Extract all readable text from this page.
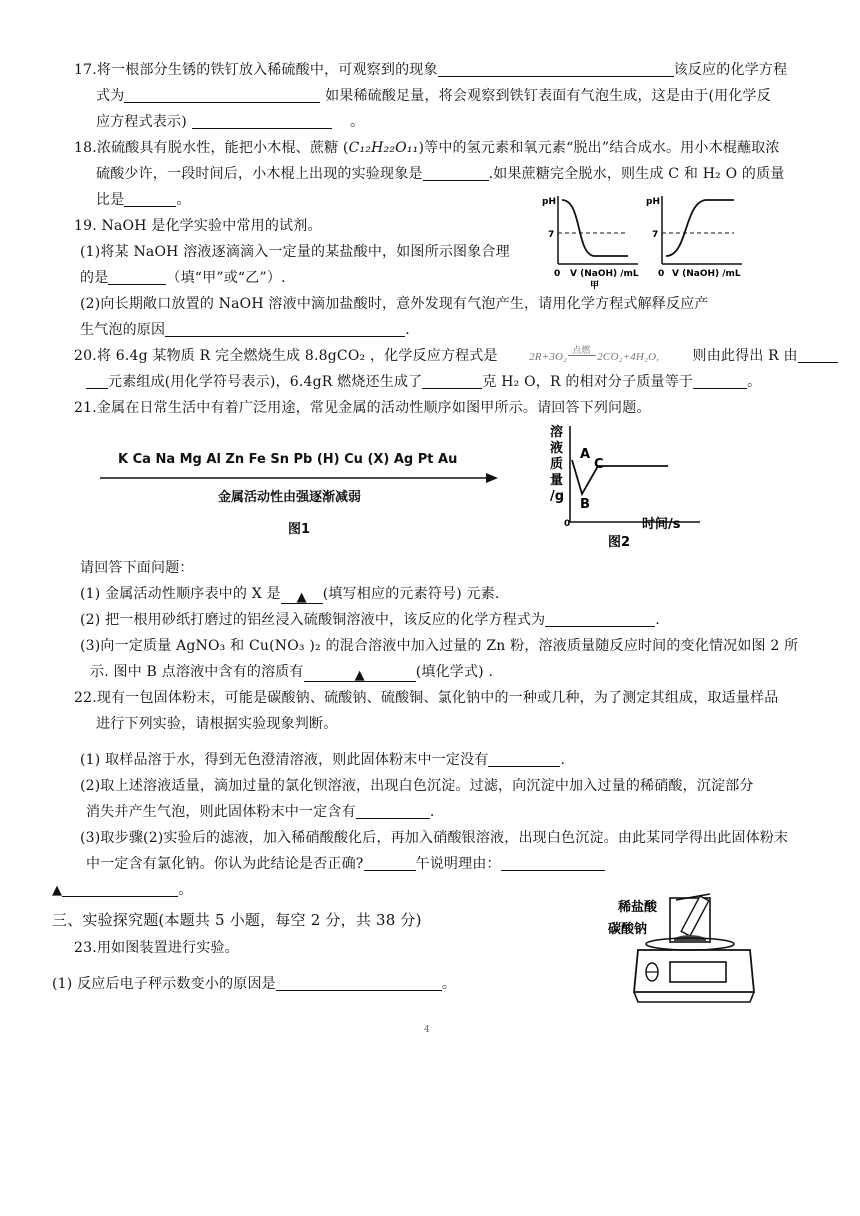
17.将一根部分生锈的铁钉放入稀硫酸中，可观察到的现象	该反应的化学方程
式为	如果稀硫酸足量，将会观察到铁钉表面有气泡生成，这是由于(用化学反
应方程式表示)	。
18.浓硫酸具有脱水性，能把小木棍、蔗糖 (C₁₂H₂₂O₁₁)等中的氢元素和氧元素“脱出”结合成水。用小木棍蘸取浓
硫酸少许，一段时间后，小木棍上出现的实验现象是	.如果蔗糖完全脱水，则生成 C 和 H₂ O 的质量
比是	。
19. NaOH 是化学实验中常用的试剂。
(1)将某 NaOH 溶液逐滴滴入一定量的某盐酸中，如图所示图象合理
的是	（填“甲”或“乙”）.
(2)向长期敞口放置的 NaOH 溶液中滴加盐酸时，意外发现有气泡产生，请用化学方程式解释反应产
生气泡的原因	.
pH
7
0 V (NaOH) /mL
甲
pH
7
0 V (NaOH) /mL
20.将 6.4g 某物质 R 完全燃烧生成 8.8gCO₂ ，化学反应方程式是	2R+3O₂
点燃
2CO₂+4H₂O, 则由此得出 R 由
元素组成(用化学符号表示)，6.4gR 燃烧还生成了	克 H₂ O，R 的相对分子质量等于	。
21.金属在日常生活中有着广泛用途，常见金属的活动性顺序如图甲所示。请回答下列问题。
K Ca Na Mg Al Zn Fe Sn Pb (H) Cu (X) Ag Pt Au
金属活动性由强逐渐减弱
图1
溶
液
质
量
/g
0	时间/s
A
B
C
图2
请回答下面问题：
(1) 金属活动性顺序表中的 X 是 ▲ (填写相应的元素符号) 元素.
(2) 把一根用砂纸打磨过的铝丝浸入硫酸铜溶液中，该反应的化学方程式为	.
(3)向一定质量 AgNO₃ 和 Cu(NO₃ )₂ 的混合溶液中加入过量的 Zn 粉，溶液质量随反应时间的变化情况如图 2 所
示. 图中 B 点溶液中含有的溶质有	▲	(填化学式) .
22.现有一包固体粉末，可能是碳酸钠、硫酸钠、硫酸铜、氯化钠中的一种或几种，为了测定其组成，取适量样品
进行下列实验，请根据实验现象判断。
(1) 取样品溶于水，得到无色澄清溶液，则此固体粉末中一定没有	.
(2)取上述溶液适量，滴加过量的氯化钡溶液，出现白色沉淀。过滤，向沉淀中加入过量的稀硝酸，沉淀部分
消失并产生气泡，则此固体粉末中一定含有	.
(3)取步骤(2)实验后的滤液，加入稀硝酸酸化后，再加入硝酸银溶液，出现白色沉淀。由此某同学得出此固体粉末
中一定含有氯化钠。你认为此结论是否正确?	午说明理由：
▲	。
三、实验探究题(本题共 5 小题，每空 2 分，共 38 分)
23.用如图装置进行实验。
(1) 反应后电子秤示数变小的原因是	。
稀盐酸
碳酸钠
4
